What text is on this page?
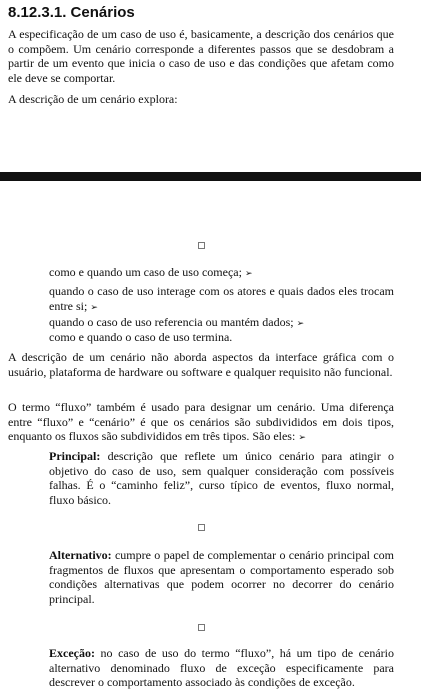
8.12.3.1. Cenários

A especificação de um caso de uso é, basicamente, a descrição dos cenários que o compõem. Um cenário corresponde a diferentes passos que se desdobram a partir de um evento que inicia o caso de uso e das condições que afetam como ele deve se comportar.

A descrição de um cenário explora:

como e quando um caso de uso começa; ➢

quando o caso de uso interage com os atores e quais dados eles trocam entre si; ➢

quando o caso de uso referencia ou mantém dados; ➢

como e quando o caso de uso termina.

A descrição de um cenário não aborda aspectos da interface gráfica com o usuário, plataforma de hardware ou software e qualquer requisito não funcional.

O termo “fluxo” também é usado para designar um cenário. Uma diferença entre “fluxo” e “cenário” é que os cenários são subdivididos em dois tipos, enquanto os fluxos são subdivididos em três tipos. São eles: ➢

Principal: descrição que reflete um único cenário para atingir o objetivo do caso de uso, sem qualquer consideração com possíveis falhas. É o “caminho feliz”, curso típico de eventos, fluxo normal, fluxo básico.

Alternativo: cumpre o papel de complementar o cenário principal com fragmentos de fluxos que apresentam o comportamento esperado sob condições alternativas que podem ocorrer no decorrer do cenário principal.

Exceção: no caso de uso do termo “fluxo”, há um tipo de cenário alternativo denominado fluxo de exceção especificamente para descrever o comportamento associado às condições de exceção.
